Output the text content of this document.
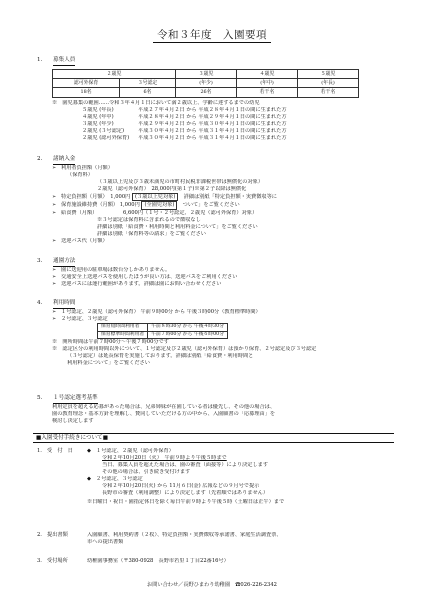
令和３年度　入園要項
1.	募集人員
２歳児		３歳児	４歳児	５歳児
認可外保育	３号認定	(年少)	(年中)	(年長)
18名	6名	26名	若干名	若干名
※　園児募集の範囲……令和３年４月１日において満２歳以上、学齢に達するまでの幼児
５歳児 (年長)	平成２７年４月２日 から 平成２８年４月１日の間に生まれた方
４歳児 (年中)	平成２８年４月２日 から 平成２９年４月１日の間に生まれた方
３歳児 (年少)	平成２９年４月２日 から 平成３０年４月１日の間に生まれた方
２歳児 (３号認定)	平成３０年４月２日 から 平成３１年４月１日の間に生まれた方
２歳児 (認可外保育) 平成３０年４月２日 から 平成３１年４月１日の間に生まれた方
2.	諸納入金
➢ 利用者負担額（月額）
（保育料）
（３歳以上児及び３歳未満児の市町村民税非課税世帯は無償化の対象）
２歳児（認可外保育）　28,000円(第１子)※第２子以降は無償化
➢ 特定負担額（月額）　1,000円 (３歳以上児対象)　 詳細は別紙「特定負担額・実費徴収等に
➢ 保育施設維持費（月額） 1,000円 (全園児対象)　 ついて」をご覧ください
➢ 給食費（月額）	6,600円（１号・２号認定、２歳児（認可外保育）対象）
※３号認定は保育料に含まれるので徴収なし
詳細は別紙「給食費・利用時間と利用料金について」をご覧ください
詳細は別紙「保育料等の請求」をご覧ください
➢ 送迎バス代（月額）
3.	通園方法
➢ 園に送迎用の駐車場は数台分しかありません。
➢ 交通安全上送迎バスを使用したほうが良い方は、送迎バスをご利用ください
➢ 送迎バスには運行範囲があります。詳細は園にお問い合わせください
4.	利用時間
➢ １号認定、２歳児（認可外保育） 午前９時00分 から 午後３時00分（教育標準時間）
➢ ２号認定、３号認定
保育短時間利用者	午前８時30分 から 午後４時30分
保育標準時間利用者	午前７時00分 から 午後６時00分
※　開所時間は午前７時00分〜午後７時00分です
※　認定区分の利用時間以外について、１号認定及び２歳児（認可外保育）は預かり保育、２号認定及び３号認定
（３号認定）は延長保育を実施しております。詳細は別紙「給食費・利用時間と
利用料金について」をご覧ください
5.	１号認定選考基準
利用定員を超える応募があった場合は、兄弟姉妹が在園している者は優先し、その他の場合は、
園の教育理念・基本方針を理解し、賛同していただける方の中から、入園願書の「応募理由」を
検討し決定します
■入園受付手続きについて■
1. 受　付　日	◆ １号認定、２歳児（認可外保育）
令和２年10月20日（火）　午前９時より午後５時まで
当日、募集人員を超えた場合は、園の審査（面接等）により決定します
その他の場合は、引き続き受付けます
◆ ２号認定、３号認定
令和２年10月20日(火) から 11月６日(金) 広報などの９月号で提示
長野市の審査（利用調整）により決定します（先着順ではありません）
※日曜日・祝日・園指定休日を除く毎日午前９時より午後５時（土曜日は正午）まで
2. 提出書類	入園願書、利用契約書（２枚）、特定負担額・実費徴収等承諾書、家庭生活調査票、
市への提出書類
3. 受付場所	幼稚園事務室（〒380-0928　長野市若里１丁目22番16号）
お問い合わせ／長野ひまわり幼稚園　☎026-226-2342
